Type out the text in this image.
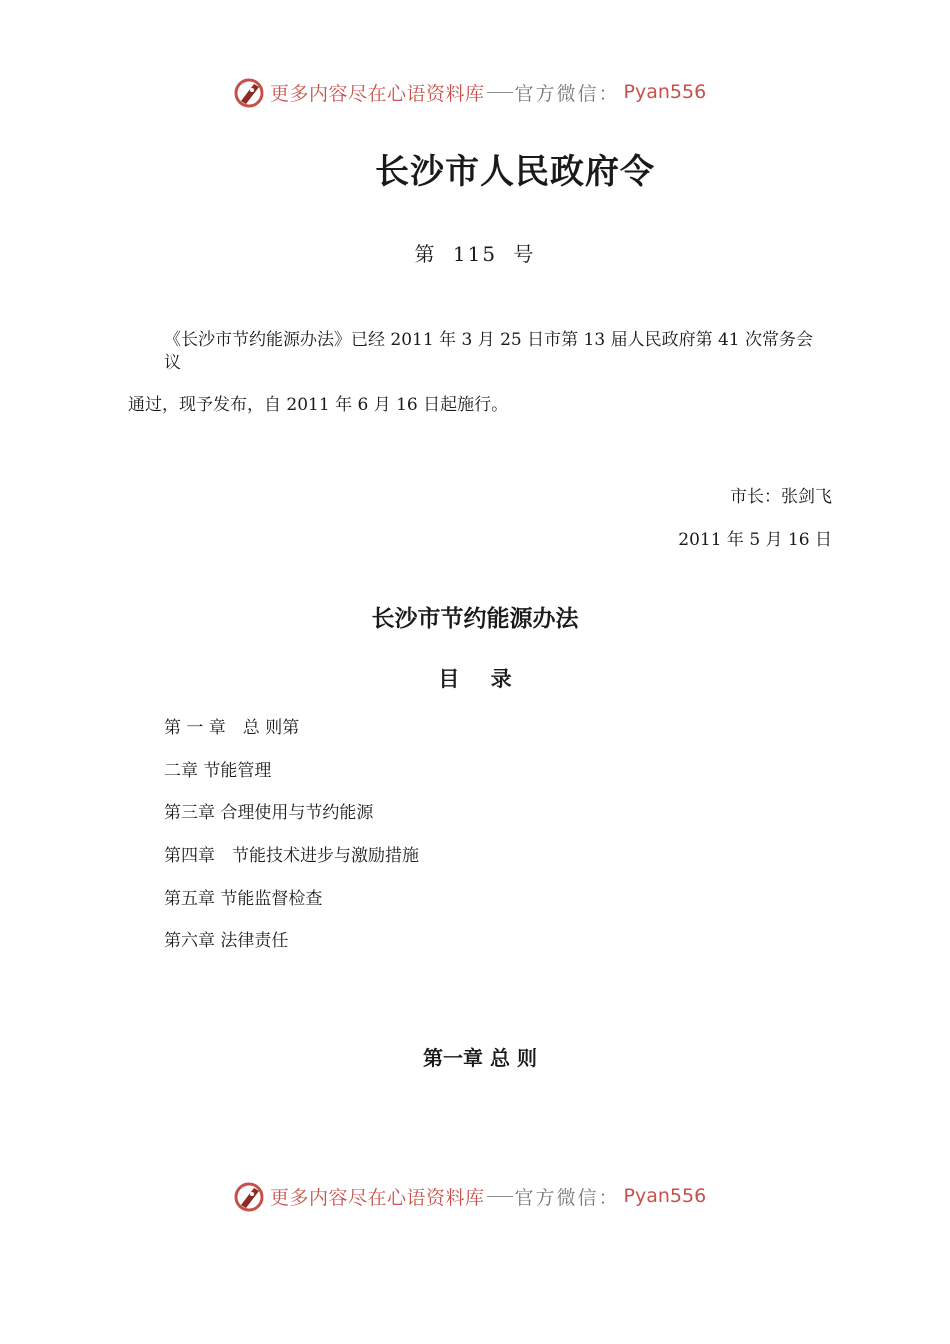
更多内容尽在心语资料库 官方微信： Pyan556
长沙市人民政府令
第 115 号
《长沙市节约能源办法》已经 2011 年 3 月 25 日市第 13 届人民政府第 41 次常务会
议
通过，现予发布，自 2011 年 6 月 16 日起施行。
市长：张剑飞
2011 年 5 月 16 日
长沙市节约能源办法
目 录
第 一 章　总 则第
二章 节能管理
第三章 合理使用与节约能源
第四章　节能技术进步与激励措施
第五章 节能监督检查
第六章 法律责任
第一章 总 则
更多内容尽在心语资料库 官方微信： Pyan556
